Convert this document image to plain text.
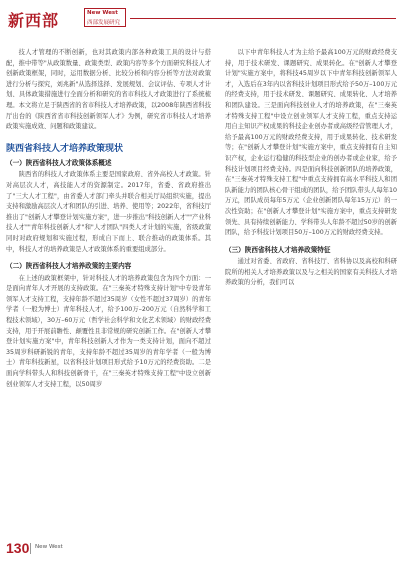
新西部	New West
西部发展研究

技人才管理的不断创新，也对其政策内部各种政策工具的设计与搭配，推中带等"从政策数量、政策类型、政策内容等多个方面研究科技人才创新政策框架，同时，运用数据分析、比较分析和内容分析等方法对政策进行分析与探究，刘兆新"从选择选择、发展规划、会议评估、专项人才计划、具体政策措施进行全面分析和研究的省市科技人才政策进行了系统梳理。本文将立足于陕西省的省市科技人才培养政策，以2008年陕西省科技厅出台的《陕西省省市科技创新领军人才》为例，研究省市科技人才培养政策实施成效、问题和政策建议。

陕西省科技人才培养政策现状
（一）陕西省科技人才政策体系概述

陕西省的科技人才政策体系主要是国家政府、省外高校人才政策。针对高层次人才，高技能人才的资源制定。2017年，省委、省政府推出了"三大人才工程"，由省委人才部门牵头并联合相关厅局组织实施，提出支持和激励高层次人才和团队的引进、培养、使用等；2022年，省科技厅推出了"创新人才攀登计划实施方案"，进一步推出"科技创新人才""产业科技人才""青年科技创新人才"和"人才团队"四类人才计划的实施，省级政策同时对政府规划和实施过程，形成自下而上、联合推动的政策体系。其中，科技人才的培养政策是人才政策体系的重要组成部分。

（二）陕西省科技人才培养政策的主要内容

在上述的政策框架中，针对科技人才的培养政策包含为四个方面：一是面向青年人才开展的支持政策。在"三秦英才特殊支持计划"中专设青年领军人才支持工程，支持年龄不超过35周岁（女性不超过37周岁）的青年学者（一般为博士）青年科技人才，给予100万–200万元（自然科学和工程技术领域），30万–60万元（哲学社会科学和文化艺术领域）的财政经费支持，用于开展前瞻性、颠覆性且非常规的研究创新工作。在"创新人才攀登计划实施方案"中，青年科技创新人才作为一类支持计划，面向不超过35周岁科研新锐的青年，支持年龄不超过35周岁的青年学者（一般为博士）青年科技新星，以省科技计划项目形式给予10万元的经费资助。二是面向学科带头人和科技创新骨干，在"三秦英才特殊支持工程"中设立创新创业领军人才支持工程，以50周岁

以下中青年科技人才为主给予最高100万元的财政经费支持，用于技术研发、课题研究、成果转化。在"创新人才攀登计划"实施方案中，将科技45周岁以下中青年科技创新领军人才，入选后在3年内以省科技计划项目形式给予50万–100万元的经费支持，用于技术研发、课题研究、成果转化、人才培养和团队建设。三是面向科技创业人才的培养政策，在"三秦英才特殊支持工程"中设立创业领军人才支持工程，重点支持运用自主知识产权成果的科技企业创办者或高级经营管理人才，给予最高100万元的财政经费支持，用于成果转化、技术研发等；在"创新人才攀登计划"实施方案中，重点支持拥有自主知识产权，企业运行稳健的科技型企业的创办者或企业家，给予科技计划项目经费支持。四是面向科技创新团队的培养政策，在"三秦英才特殊支持工程"中重点支持拥有高水平科技人和团队新能力的团队核心骨干组成的团队，给予团队带头人每年10万元，团队成员每年5万元（企业创新团队每年15万元）的一次性资助；在"创新人才攀登计划"实施方案中，重点支持研发领先、具有持续创新能力、学科带头人年龄不超过50岁的创新团队，给予科技计划项目50万–100万元的财政经费支持。

（三）陕西省科技人才培养政策特征

通过对省委、省政府、省科技厅、省科协以及高校和科研院所的相关人才培养政策以及与之相关的国家有关科技人才培养政策的分析，我们可以

130 New West
